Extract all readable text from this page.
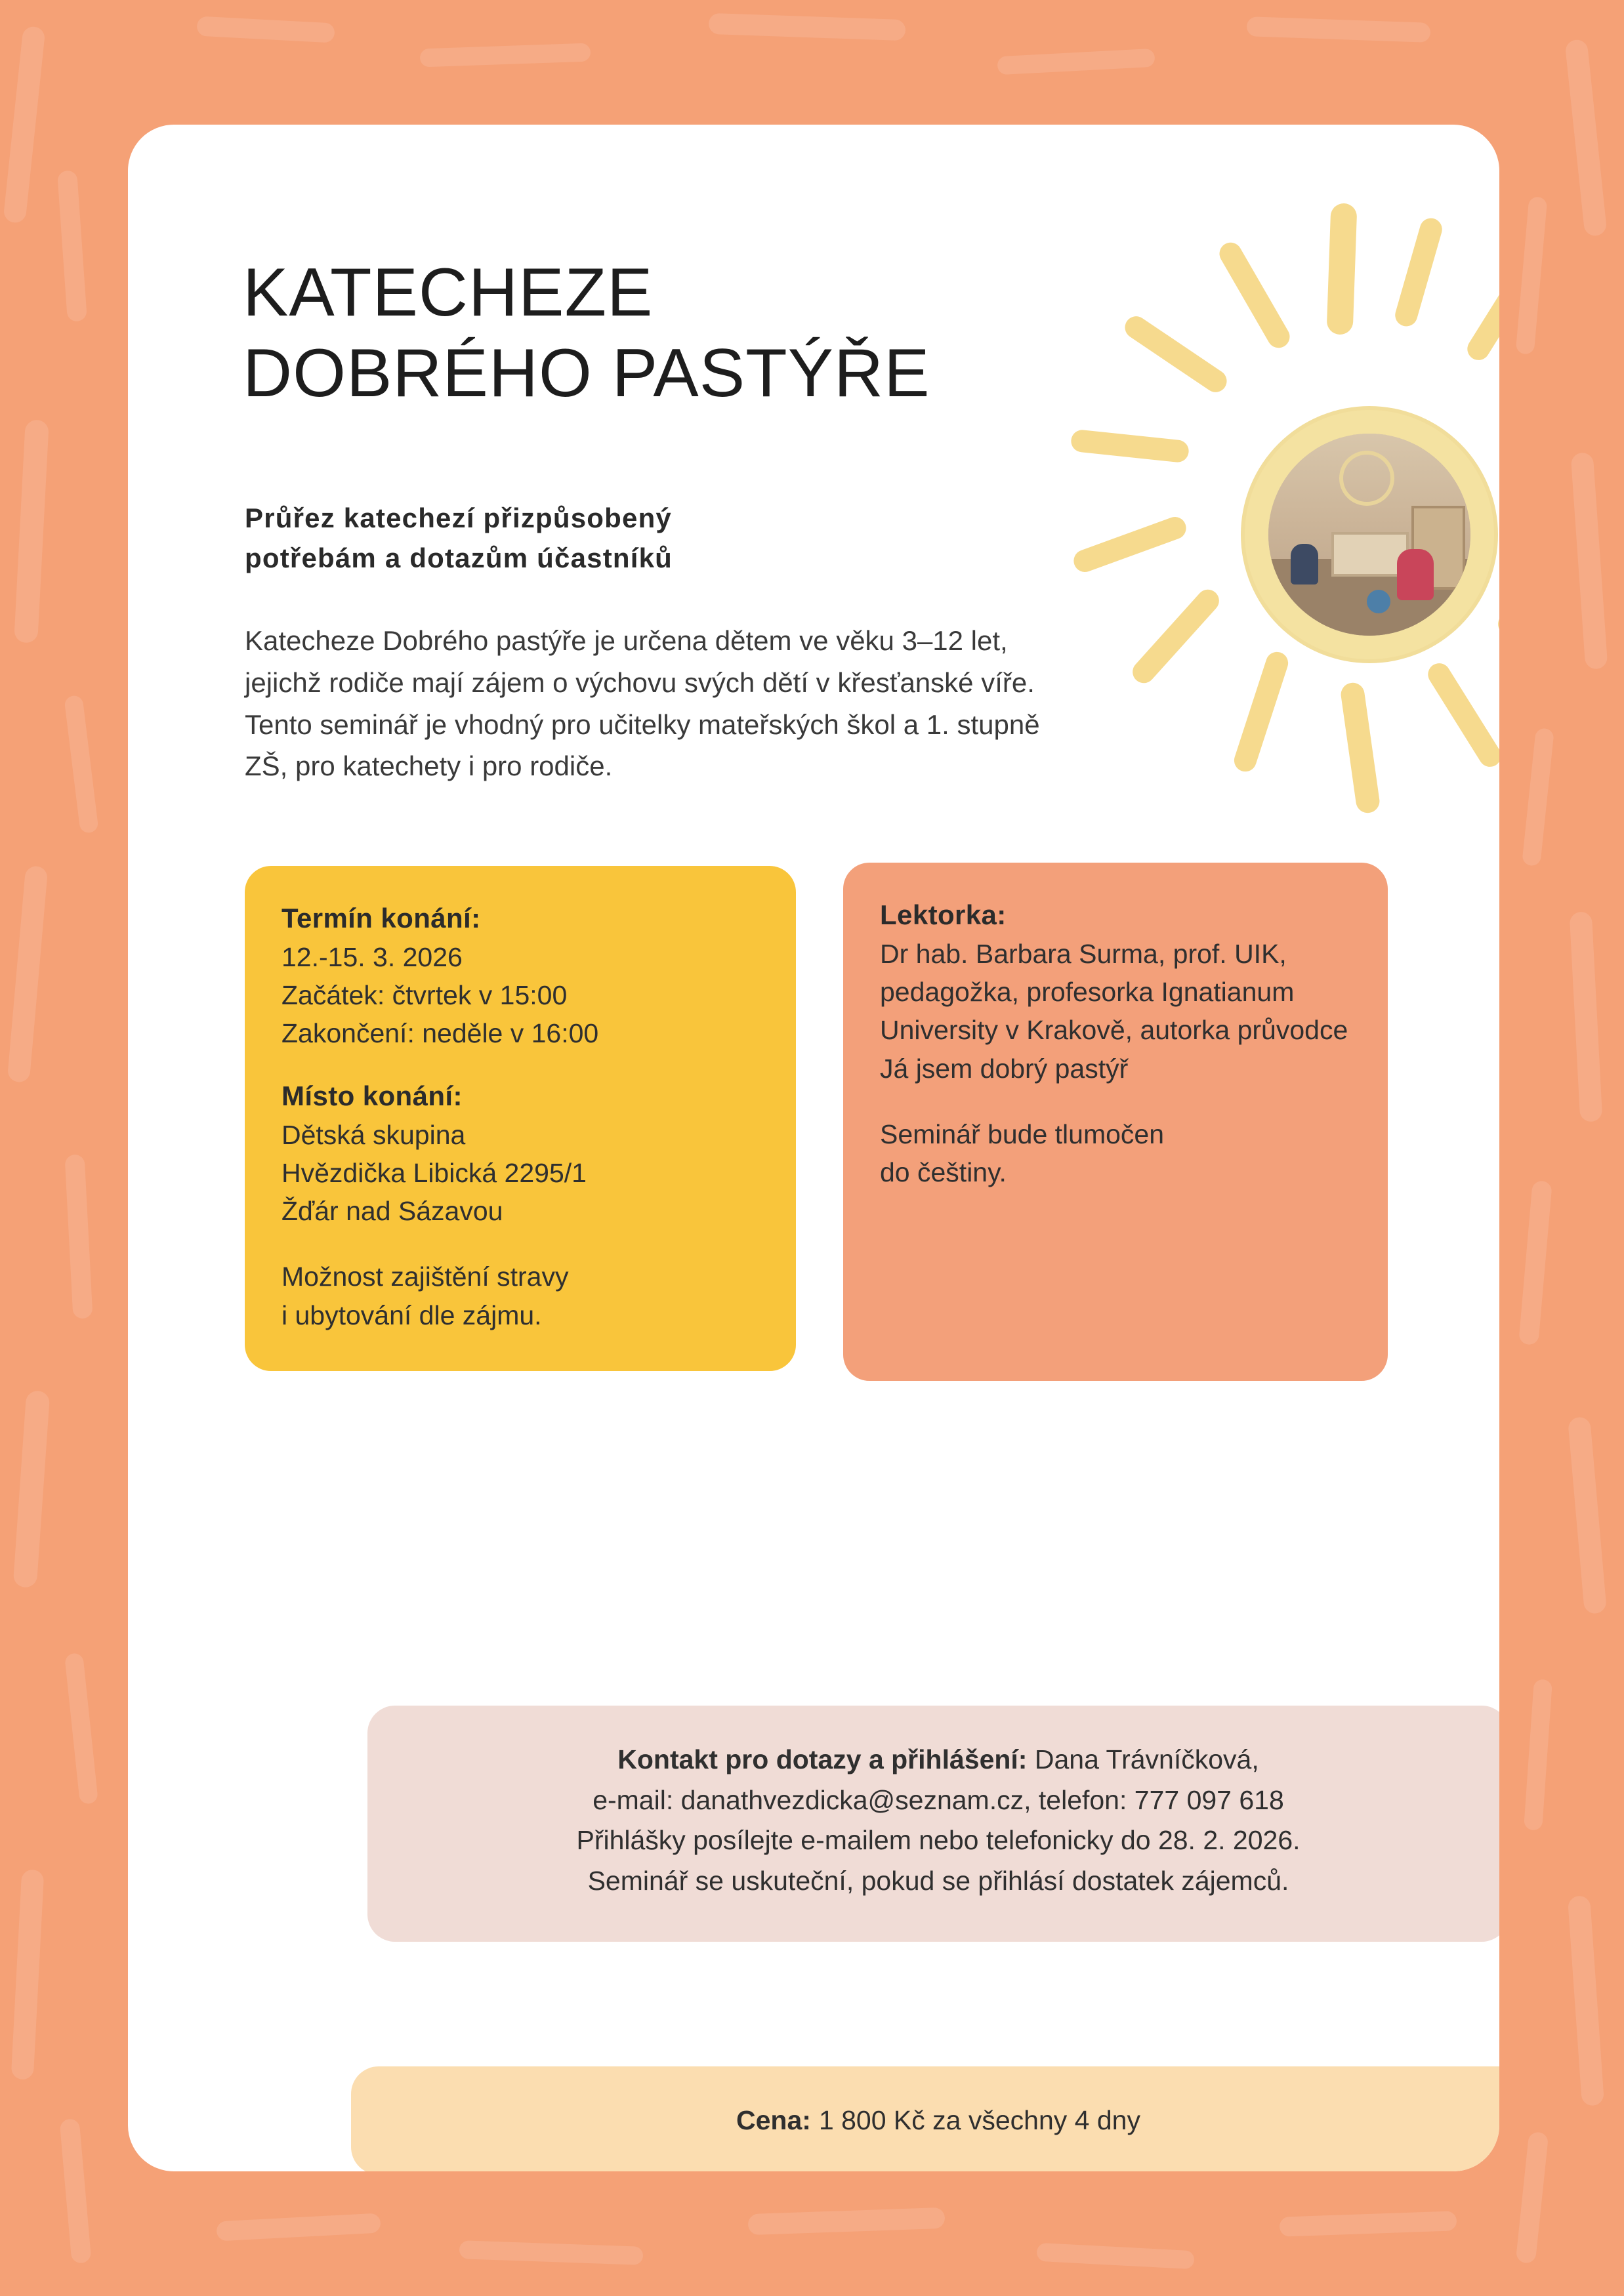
KATECHEZE
DOBRÉHO PASTÝŘE
Průřez katechezí přizpůsobený
potřebám a dotazům účastníků
Katecheze Dobrého pastýře je určena dětem ve věku 3–12 let, jejichž rodiče mají zájem o výchovu svých dětí v křesťanské víře. Tento seminář je vhodný pro učitelky mateřských škol a 1. stupně ZŠ, pro katechety i pro rodiče.
Termín konání:

12.-15. 3. 2026

Začátek: čtvrtek v 15:00

Zakončení: neděle v 16:00

Místo konání:

Dětská skupina

Hvězdička Libická 2295/1

Žďár nad Sázavou

Možnost zajištění stravy

i ubytování dle zájmu.

Lektorka:

Dr hab. Barbara Surma, prof. UIK, pedagožka, profesorka Ignatianum University v Krakově, autorka průvodce Já jsem dobrý pastýř

Seminář bude tlumočen

do češtiny.

Kontakt pro dotazy a přihlášení: Dana Trávníčková,
e-mail: danathvezdicka@seznam.cz, telefon: 777 097 618
Přihlášky posílejte e-mailem nebo telefonicky do 28. 2. 2026.
Seminář se uskuteční, pokud se přihlásí dostatek zájemců.
Cena: 1 800 Kč za všechny 4 dny
